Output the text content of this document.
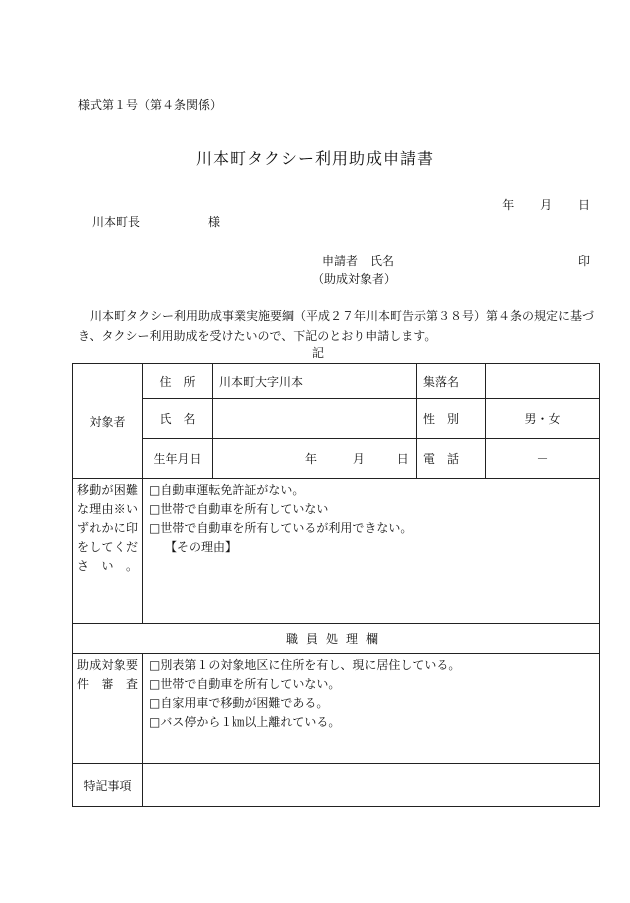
様式第１号（第４条関係）
川本町タクシー利用助成申請書
年 月 日
川本町長	様
申請者 氏名	印
（助成対象者）
川本町タクシー利用助成事業実施要綱（平成２７年川本町告示第３８号）第４条の規定に基づき、タクシー利用助成を受けたいので、下記のとおり申請します。
記
対象者	住　所	川本町大字川本	集落名	
	氏　名		性　別	男・女
	生年月日	年 月 日	電　話	－
移動が困難な理由※いずれかに印をしてください。	□自動車運転免許証がない。
□世帯で自動車を所有していない
□世帯で自動車を所有しているが利用できない。
【その理由】			

職員処理欄				
助成対象要件審査	□別表第１の対象地区に住所を有し、現に居住している。
□世帯で自動車を所有していない。
□自家用車で移動が困難である。
□バス停から１㎞以上離れている。			

特記事項				
